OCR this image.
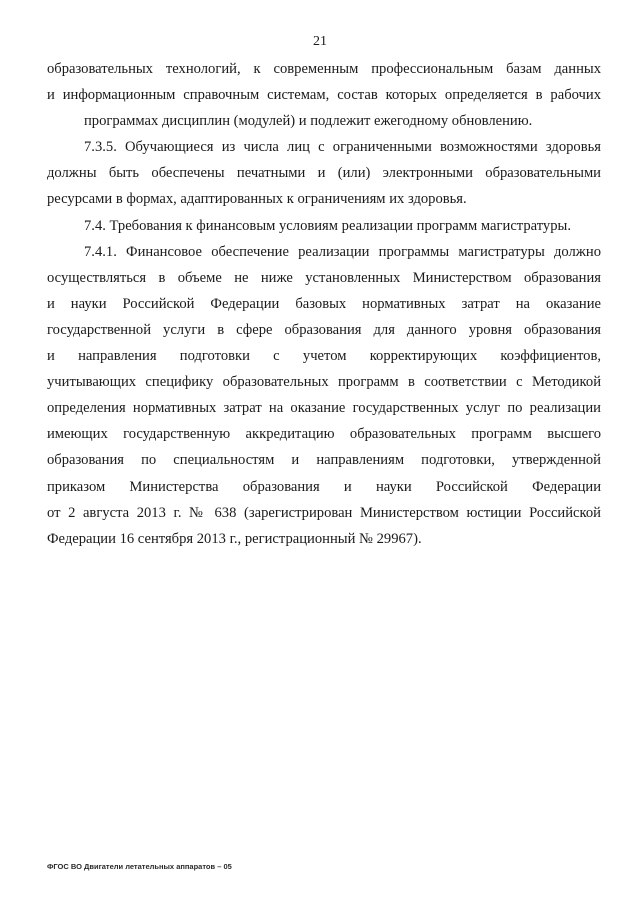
21

образовательных технологий, к современным профессиональным базам данных
и информационным справочным системам, состав которых определяется в рабочих
программах дисциплин (модулей) и подлежит ежегодному обновлению.

7.3.5. Обучающиеся из числа лиц с ограниченными возможностями здоровья
должны быть обеспечены печатными и (или) электронными образовательными
ресурсами в формах, адаптированных к ограничениям их здоровья.

7.4. Требования к финансовым условиям реализации программ магистратуры.

7.4.1. Финансовое обеспечение реализации программы магистратуры должно
осуществляться в объеме не ниже установленных Министерством образования
и науки Российской Федерации базовых нормативных затрат на оказание
государственной услуги в сфере образования для данного уровня образования
и направления подготовки с учетом корректирующих коэффициентов,
учитывающих специфику образовательных программ в соответствии с Методикой
определения нормативных затрат на оказание государственных услуг по реализации
имеющих государственную аккредитацию образовательных программ высшего
образования по специальностям и направлениям подготовки, утвержденной
приказом Министерства образования и науки Российской Федерации
от 2 августа 2013 г. № 638 (зарегистрирован Министерством юстиции Российской
Федерации 16 сентября 2013 г., регистрационный № 29967).

ФГОС ВО Двигатели летательных аппаратов – 05
